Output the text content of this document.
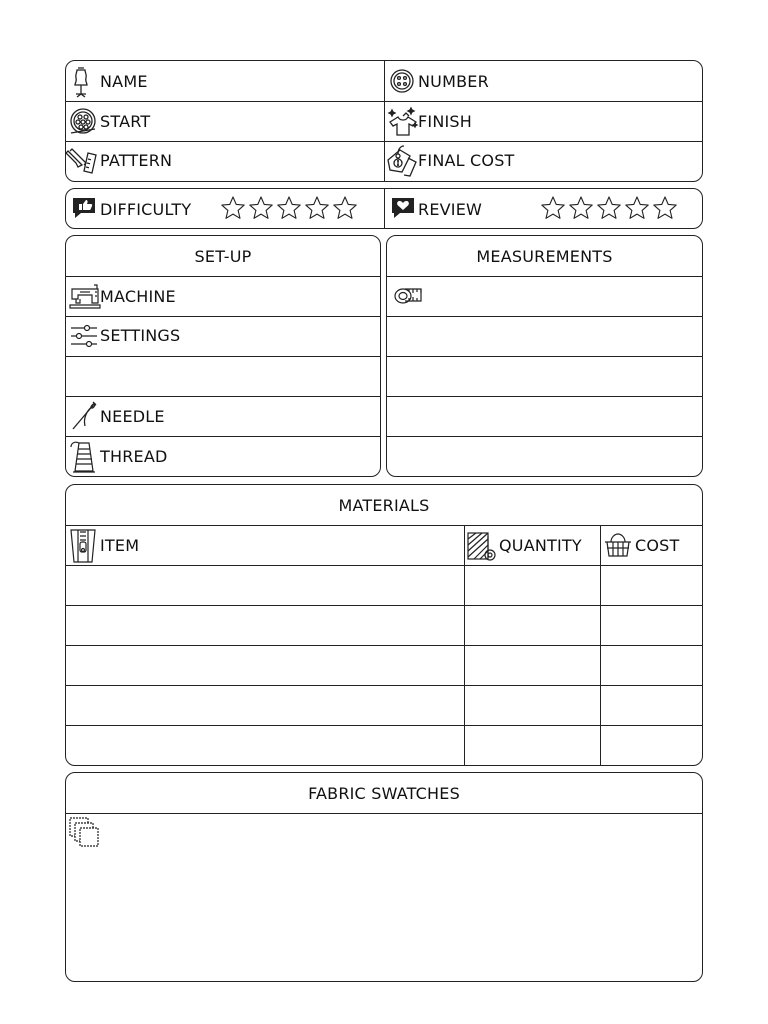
NAME	NUMBER
START	FINISH
PATTERN	FINAL COST
DIFFICULTY	REVIEW
SET-UP
MACHINE
SETTINGS
NEEDLE
THREAD
MEASUREMENTS
MATERIALS
ITEM	QUANTITY	COST
FABRIC SWATCHES
